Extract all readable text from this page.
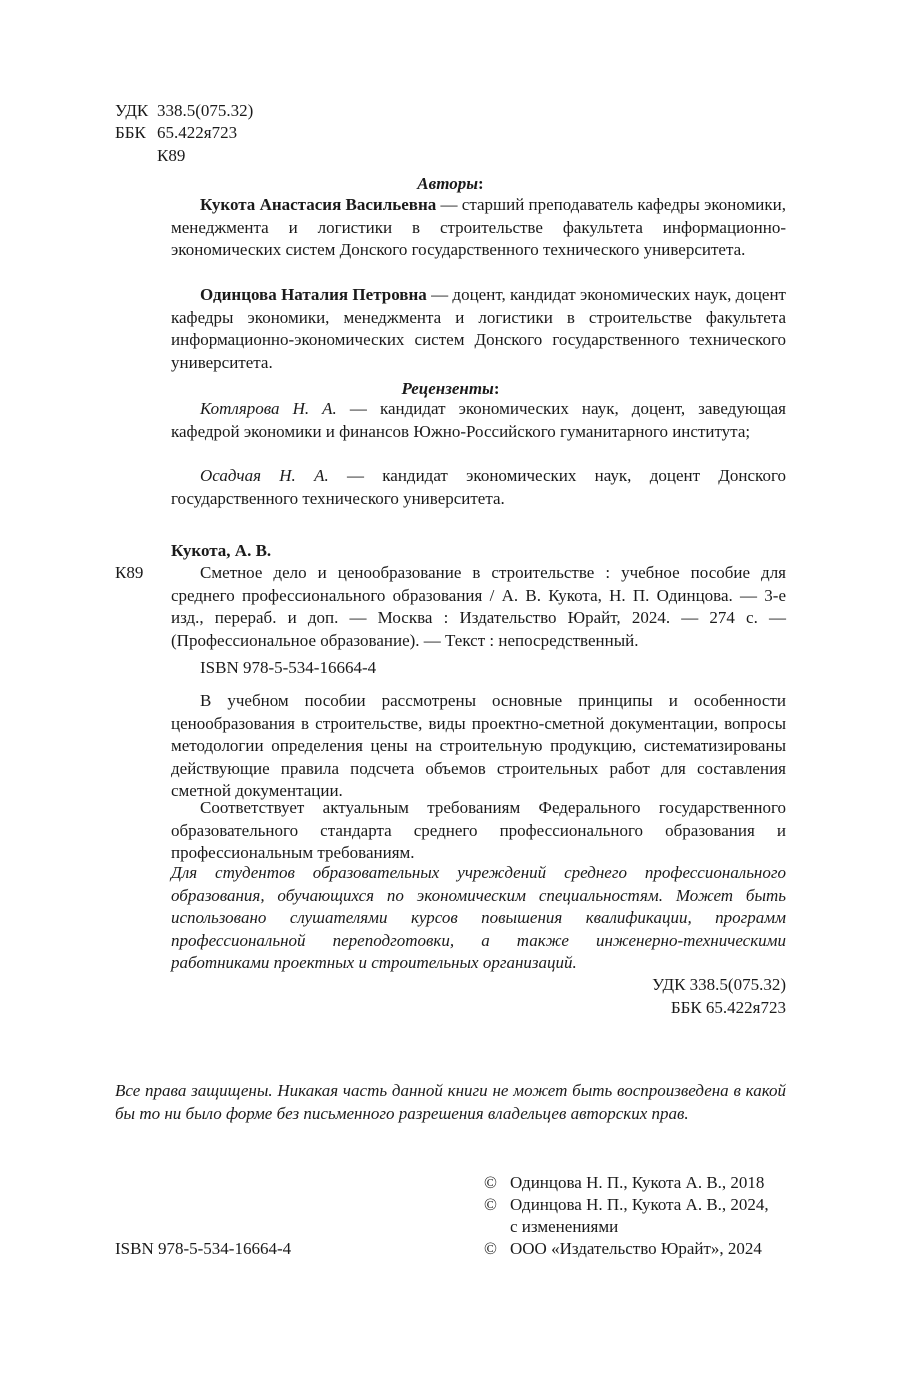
УДК 338.5(075.32)
ББК 65.422я723
К89
Авторы:

Кукота Анастасия Васильевна — старший преподаватель кафедры экономики, менеджмента и логистики в строительстве факультета информационно-экономических систем Донского государственного технического университета.

Одинцова Наталия Петровна — доцент, кандидат экономических наук, доцент кафедры экономики, менеджмента и логистики в строительстве факультета информационно-экономических систем Донского государственного технического университета.

Рецензенты:

Котлярова Н. А. — кандидат экономических наук, доцент, заведующая кафедрой экономики и финансов Южно-Российского гуманитарного института;

Осадчая Н. А. — кандидат экономических наук, доцент Донского государственного технического университета.

Кукота, А. В.
К89	Сметное дело и ценообразование в строительстве : учебное пособие для среднего профессионального образования / А. В. Кукота, Н. П. Одинцова. — 3-е изд., перераб. и доп. — Москва : Издательство Юрайт, 2024. — 274 с. — (Профессиональное образование). — Текст : непосредственный.

ISBN 978-5-534-16664-4

В учебном пособии рассмотрены основные принципы и особенности ценообразования в строительстве, виды проектно-сметной документации, вопросы методологии определения цены на строительную продукцию, систематизированы действующие правила подсчета объемов строительных работ для составления сметной документации.

Соответствует актуальным требованиям Федерального государственного образовательного стандарта среднего профессионального образования и профессиональным требованиям.

Для студентов образовательных учреждений среднего профессионального образования, обучающихся по экономическим специальностям. Может быть использовано слушателями курсов повышения квалификации, программ профессиональной переподготовки, а также инженерно-техническими работниками проектных и строительных организаций.

УДК 338.5(075.32)
ББК 65.422я723

Все права защищены. Никакая часть данной книги не может быть воспроизведена в какой бы то ни было форме без письменного разрешения владельцев авторских прав.

ISBN 978-5-534-16664-4
© Одинцова Н. П., Кукота А. В., 2018
© Одинцова Н. П., Кукота А. В., 2024,
с изменениями
© ООО «Издательство Юрайт», 2024
